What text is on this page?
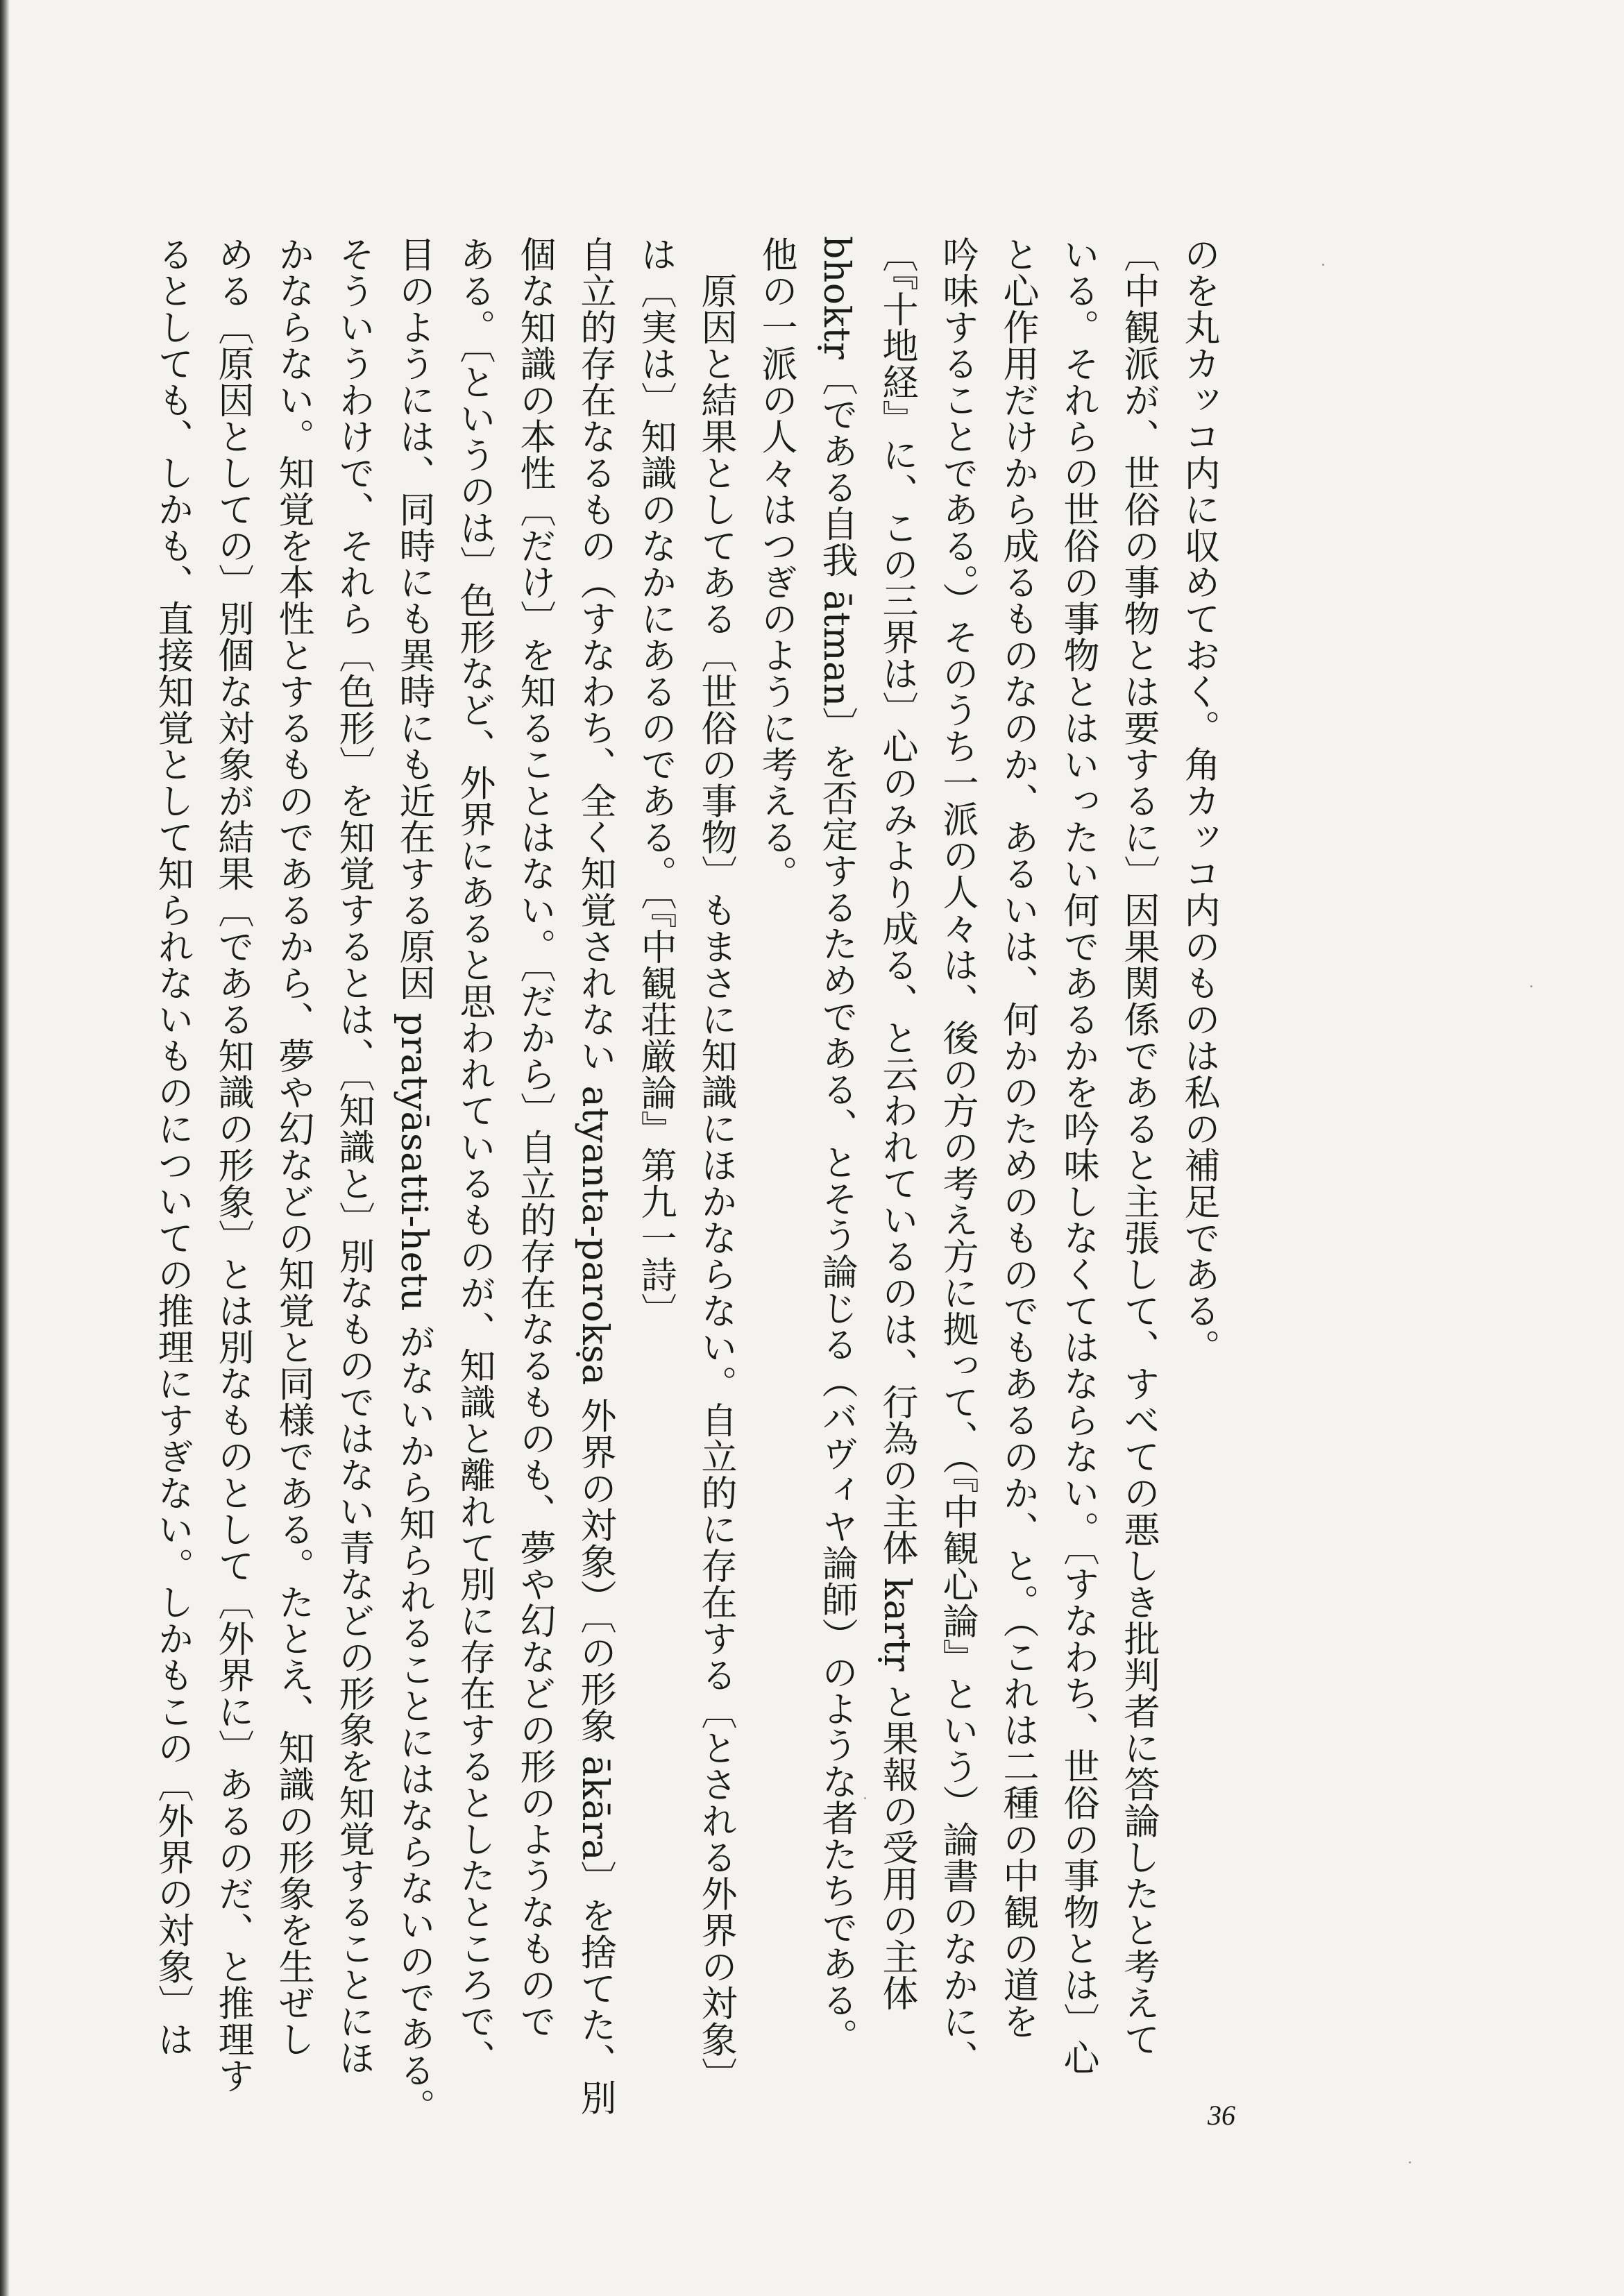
のを丸カッコ内に収めておく。角カッコ内のものは私の補足である。
〔中観派が、世俗の事物とは要するに〕因果関係であると主張して、すべての悪しき批判者に答論したと考えて
いる。それらの世俗の事物とはいったい何であるかを吟味しなくてはならない。〔すなわち、世俗の事物とは〕心
と心作用だけから成るものなのか、あるいは、何かのためのものでもあるのか、と。（これは二種の中観の道を
吟味することである。）そのうち一派の人々は、後の方の考え方に拠って、（『中観心論』という）論書のなかに、
〔『十地経』に、この三界は〕心のみより成る、と云われているのは、行為の主体 kartṛ と果報の受用の主体
bhoktṛ〔である自我 ātman〕を否定するためである、とそう論じる（バヴィヤ論師）のような者たちである。
他の一派の人々はつぎのように考える。
　原因と結果としてある〔世俗の事物〕もまさに知識にほかならない。自立的に存在する〔とされる外界の対象〕
は〔実は〕知識のなかにあるのである。〔『中観荘厳論』第九一詩〕
自立的存在なるもの（すなわち、全く知覚されない atyanta-parokṣa 外界の対象）〔の形象 ākāra〕を捨てた、別
個な知識の本性〔だけ〕を知ることはない。〔だから〕自立的存在なるものも、夢や幻などの形のようなもので
ある。〔というのは〕色形など、外界にあると思われているものが、知識と離れて別に存在するとしたところで、
目のようには、同時にも異時にも近在する原因 pratyāsatti-hetu がないから知られることにはならないのである。
そういうわけで、それら〔色形〕を知覚するとは、〔知識と〕別なものではない青などの形象を知覚することにほ
かならない。知覚を本性とするものであるから、夢や幻などの知覚と同様である。たとえ、知識の形象を生ぜし
める〔原因としての〕別個な対象が結果〔である知識の形象〕とは別なものとして〔外界に〕あるのだ、と推理す
るとしても、しかも、直接知覚として知られないものについての推理にすぎない。しかもこの〔外界の対象〕は
36
